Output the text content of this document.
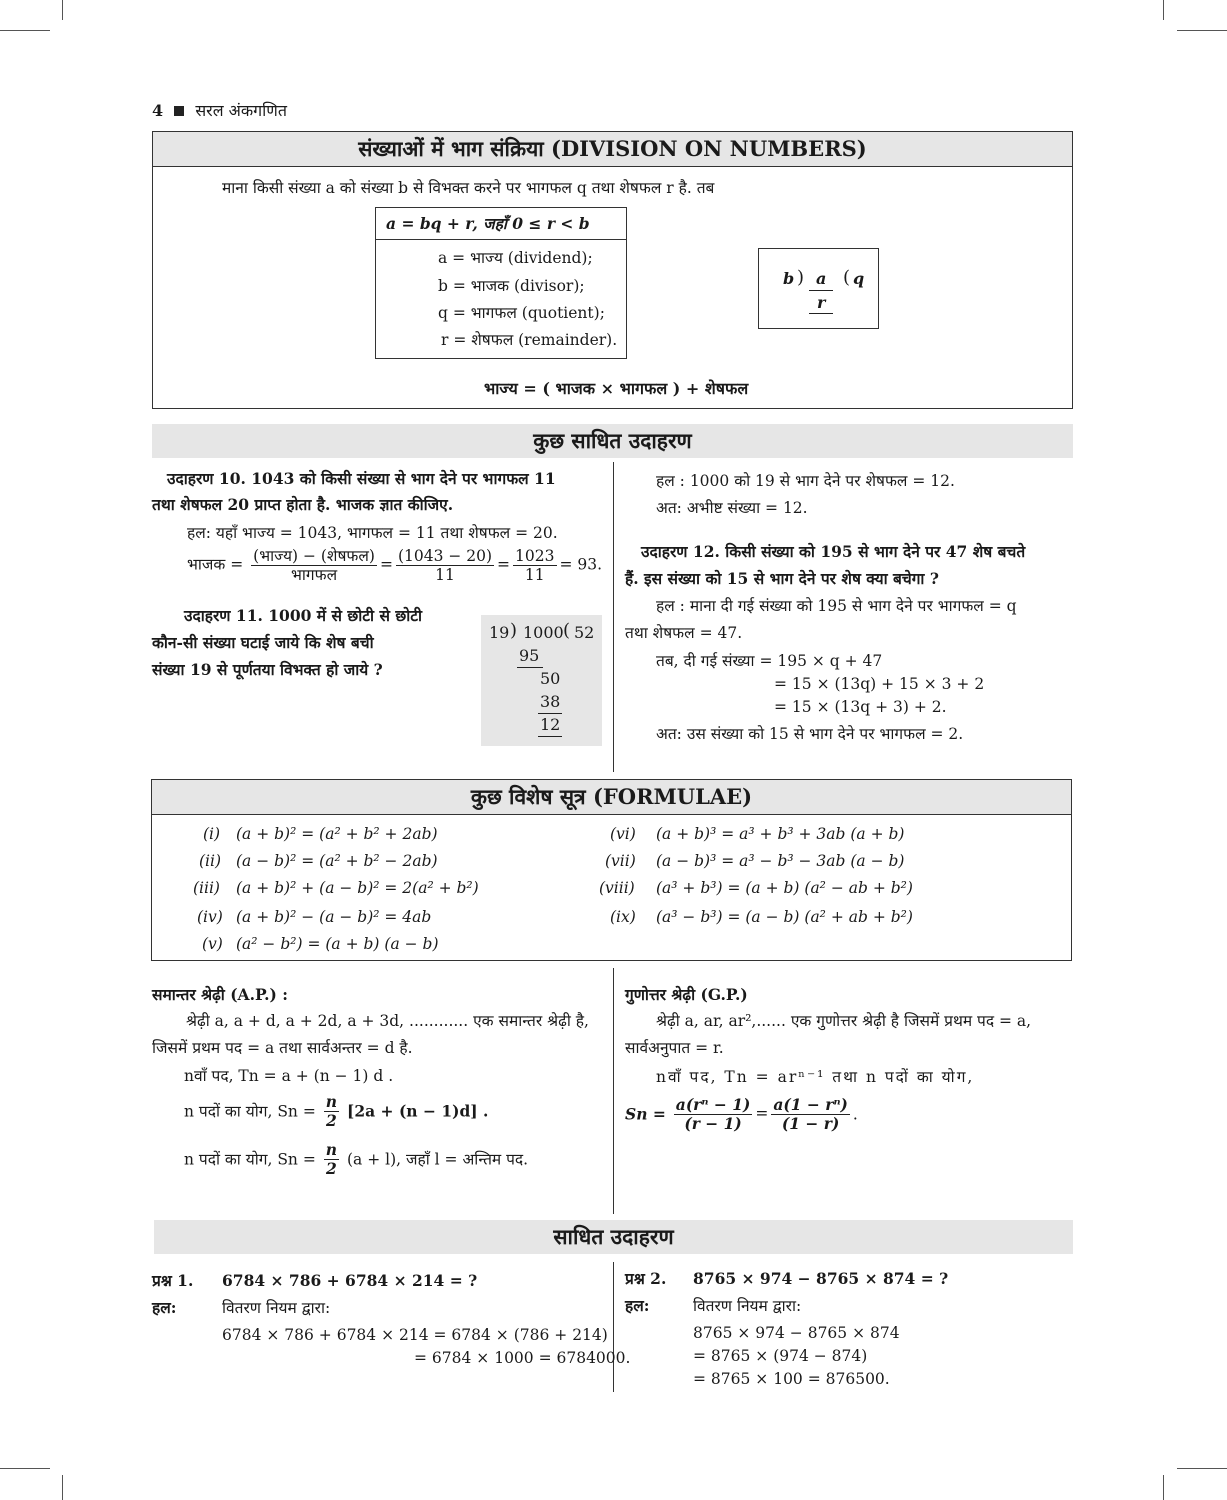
4 सरल अंकगणित
संख्याओं में भाग संक्रिया (DIVISION ON NUMBERS)
माना किसी संख्या a को संख्या b से विभक्त करने पर भागफल q तथा शेषफल r है. तब
a = bq + r, जहाँ 0 ≤ r < b
a = भाज्य (dividend);
b = भाजक (divisor);
q = भागफल (quotient);
r = शेषफल (remainder).
b ) a ( q
r
भाज्य = ( भाजक × भागफल ) + शेषफल
कुछ साधित उदाहरण
उदाहरण 10. 1043 को किसी संख्या से भाग देने पर भागफल 11
तथा शेषफल 20 प्राप्त होता है. भाजक ज्ञात कीजिए.
हल: यहाँ भाज्य = 1043, भागफल = 11 तथा शेषफल = 20.
भाजक = $\frac{\text{(भाज्य) − (शेषफल)}}{\text{भागफल}} = \frac{(1043 - 20)}{11} = \frac{1023}{11} = 93$.
उदाहरण 11. 1000 में से छोटी से छोटी
कौन-सी संख्या घटाई जाये कि शेष बची
संख्या 19 से पूर्णतया विभक्त हो जाये ?
19 ) 1000 ( 52
95
50
38
12
हल : 1000 को 19 से भाग देने पर शेषफल = 12.
अत: अभीष्ट संख्या = 12.
उदाहरण 12. किसी संख्या को 195 से भाग देने पर 47 शेष बचते
हैं. इस संख्या को 15 से भाग देने पर शेष क्या बचेगा ?
हल : माना दी गई संख्या को 195 से भाग देने पर भागफल = q
तथा शेषफल = 47.
तब, दी गई संख्या = 195 × q + 47
= 15 × (13q) + 15 × 3 + 2
= 15 × (13q + 3) + 2.
अत: उस संख्या को 15 से भाग देने पर भागफल = 2.
कुछ विशेष सूत्र (FORMULAE)
(i) (a + b)² = (a² + b² + 2ab)
(ii) (a − b)² = (a² + b² − 2ab)
(iii) (a + b)² + (a − b)² = 2(a² + b²)
(iv) (a + b)² − (a − b)² = 4ab
(v) (a² − b²) = (a + b) (a − b)
(vi) (a + b)³ = a³ + b³ + 3ab (a + b)
(vii) (a − b)³ = a³ − b³ − 3ab (a − b)
(viii) (a³ + b³) = (a + b) (a² − ab + b²)
(ix) (a³ − b³) = (a − b) (a² + ab + b²)
समान्तर श्रेढ़ी (A.P.) :
श्रेढ़ी a, a + d, a + 2d, a + 3d, ............ एक समान्तर श्रेढ़ी है,
जिसमें प्रथम पद = a तथा सार्वअन्तर = d है.
nवाँ पद, Tn = a + (n − 1) d .
n पदों का योग, $Sn = \frac{n}{2} [2a + (n - 1)d]$ .
n पदों का योग, $Sn = \frac{n}{2} (a + l)$, जहाँ l = अन्तिम पद.
गुणोत्तर श्रेढ़ी (G.P.)
श्रेढ़ी a, ar, ar²,...... एक गुणोत्तर श्रेढ़ी है जिसमें प्रथम पद = a,
सार्वअनुपात = r.
nवाँ पद, Tn = arⁿ⁻¹ तथा n पदों का योग,
$Sn = \frac{\text{a(rⁿ − 1)}}{(r - 1)} = \frac{\text{a(1 − rⁿ)}}{(1 - r)}$ .
साधित उदाहरण
प्रश्न 1. 6784 × 786 + 6784 × 214 = ?
हल:	वितरण नियम द्वारा:
6784 × 786 + 6784 × 214 = 6784 × (786 + 214)
= 6784 × 1000 = 6784000.
प्रश्न 2. 8765 × 974 − 8765 × 874 = ?
हल:	वितरण नियम द्वारा:
8765 × 974 − 8765 × 874
= 8765 × (974 − 874)
= 8765 × 100 = 876500.
